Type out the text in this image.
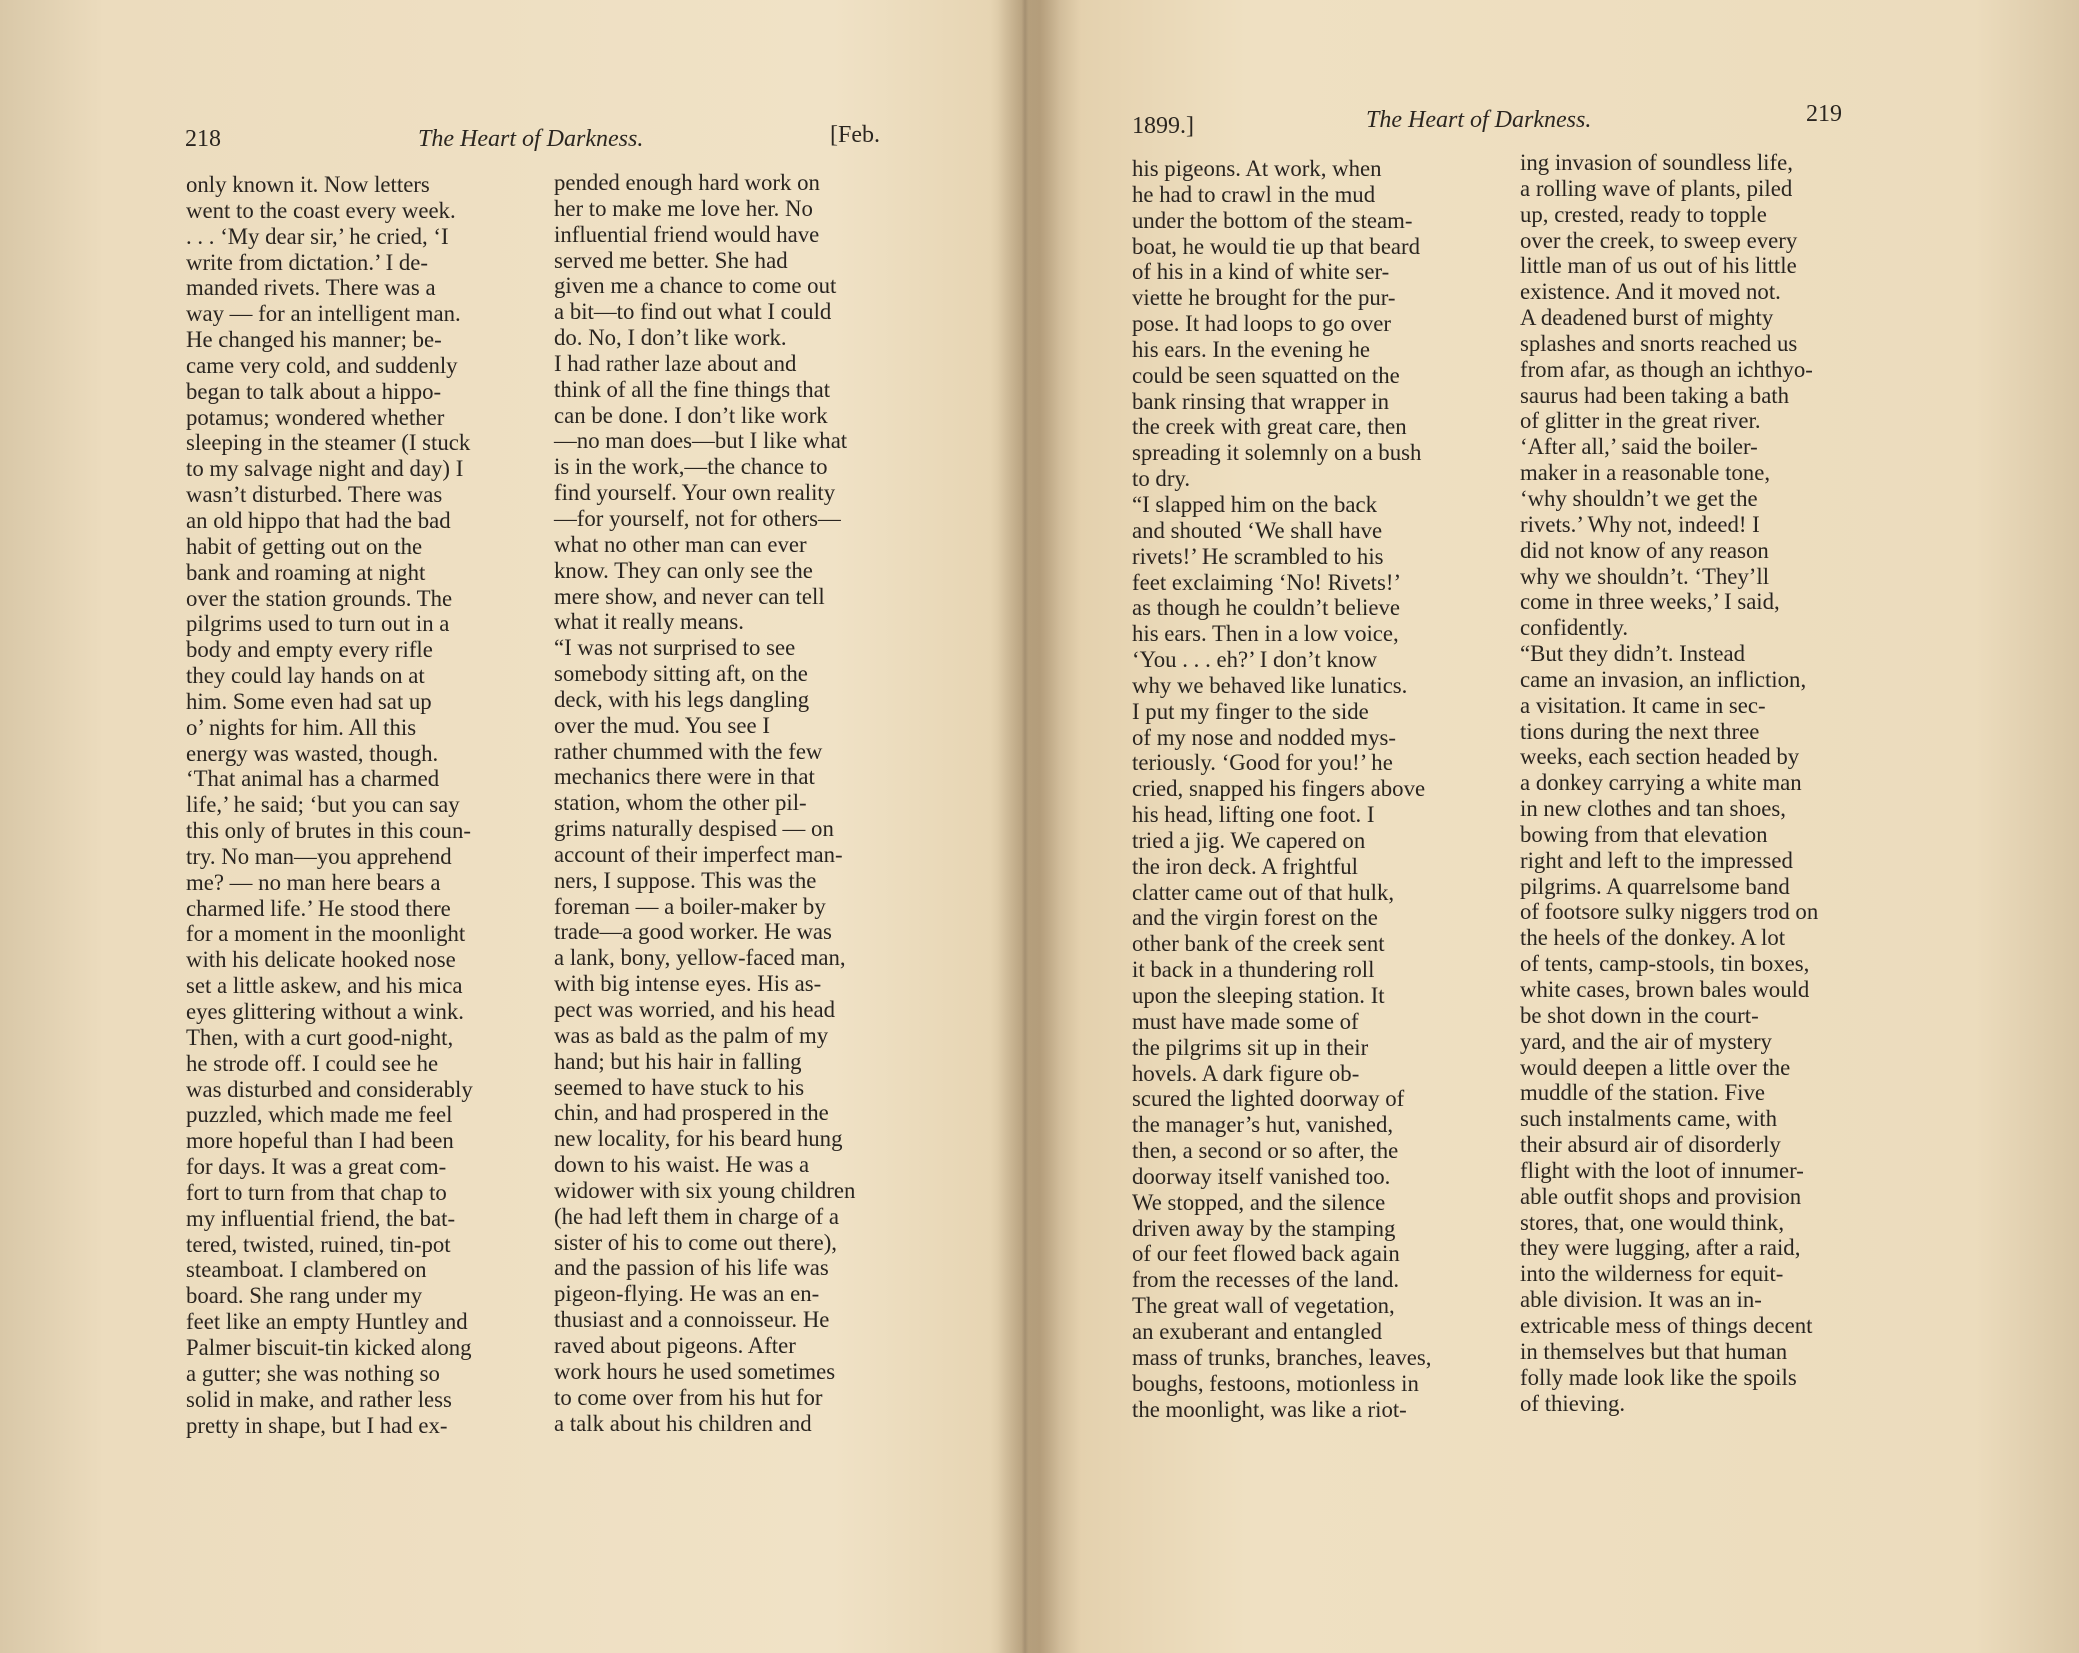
218	The Heart of Darkness.	[Feb.

only known it. Now letters
went to the coast every week.
. . . ‘My dear sir,’ he cried, ‘I
write from dictation.’ I de-
manded rivets. There was a
way — for an intelligent man.
He changed his manner; be-
came very cold, and suddenly
began to talk about a hippo-
potamus; wondered whether
sleeping in the steamer (I stuck
to my salvage night and day) I
wasn’t disturbed. There was
an old hippo that had the bad
habit of getting out on the
bank and roaming at night
over the station grounds. The
pilgrims used to turn out in a
body and empty every rifle
they could lay hands on at
him. Some even had sat up
o’ nights for him. All this
energy was wasted, though.
‘That animal has a charmed
life,’ he said; ‘but you can say
this only of brutes in this coun-
try. No man—you apprehend
me? — no man here bears a
charmed life.’ He stood there
for a moment in the moonlight
with his delicate hooked nose
set a little askew, and his mica
eyes glittering without a wink.
Then, with a curt good-night,
he strode off. I could see he
was disturbed and considerably
puzzled, which made me feel
more hopeful than I had been
for days. It was a great com-
fort to turn from that chap to
my influential friend, the bat-
tered, twisted, ruined, tin-pot
steamboat. I clambered on
board. She rang under my
feet like an empty Huntley and
Palmer biscuit-tin kicked along
a gutter; she was nothing so
solid in make, and rather less
pretty in shape, but I had ex-

pended enough hard work on
her to make me love her. No
influential friend would have
served me better. She had
given me a chance to come out
a bit—to find out what I could
do. No, I don’t like work.
I had rather laze about and
think of all the fine things that
can be done. I don’t like work
—no man does—but I like what
is in the work,—the chance to
find yourself. Your own reality
—for yourself, not for others—
what no other man can ever
know. They can only see the
mere show, and never can tell
what it really means.
“I was not surprised to see
somebody sitting aft, on the
deck, with his legs dangling
over the mud. You see I
rather chummed with the few
mechanics there were in that
station, whom the other pil-
grims naturally despised — on
account of their imperfect man-
ners, I suppose. This was the
foreman — a boiler-maker by
trade—a good worker. He was
a lank, bony, yellow-faced man,
with big intense eyes. His as-
pect was worried, and his head
was as bald as the palm of my
hand; but his hair in falling
seemed to have stuck to his
chin, and had prospered in the
new locality, for his beard hung
down to his waist. He was a
widower with six young children
(he had left them in charge of a
sister of his to come out there),
and the passion of his life was
pigeon-flying. He was an en-
thusiast and a connoisseur. He
raved about pigeons. After
work hours he used sometimes
to come over from his hut for
a talk about his children and

1899.]	The Heart of Darkness.	219

his pigeons. At work, when
he had to crawl in the mud
under the bottom of the steam-
boat, he would tie up that beard
of his in a kind of white ser-
viette he brought for the pur-
pose. It had loops to go over
his ears. In the evening he
could be seen squatted on the
bank rinsing that wrapper in
the creek with great care, then
spreading it solemnly on a bush
to dry.
“I slapped him on the back
and shouted ‘We shall have
rivets!’ He scrambled to his
feet exclaiming ‘No! Rivets!’
as though he couldn’t believe
his ears. Then in a low voice,
‘You . . . eh?’ I don’t know
why we behaved like lunatics.
I put my finger to the side
of my nose and nodded mys-
teriously. ‘Good for you!’ he
cried, snapped his fingers above
his head, lifting one foot. I
tried a jig. We capered on
the iron deck. A frightful
clatter came out of that hulk,
and the virgin forest on the
other bank of the creek sent
it back in a thundering roll
upon the sleeping station. It
must have made some of
the pilgrims sit up in their
hovels. A dark figure ob-
scured the lighted doorway of
the manager’s hut, vanished,
then, a second or so after, the
doorway itself vanished too.
We stopped, and the silence
driven away by the stamping
of our feet flowed back again
from the recesses of the land.
The great wall of vegetation,
an exuberant and entangled
mass of trunks, branches, leaves,
boughs, festoons, motionless in
the moonlight, was like a riot-

ing invasion of soundless life,
a rolling wave of plants, piled
up, crested, ready to topple
over the creek, to sweep every
little man of us out of his little
existence. And it moved not.
A deadened burst of mighty
splashes and snorts reached us
from afar, as though an ichthyo-
saurus had been taking a bath
of glitter in the great river.
‘After all,’ said the boiler-
maker in a reasonable tone,
‘why shouldn’t we get the
rivets.’ Why not, indeed! I
did not know of any reason
why we shouldn’t. ‘They’ll
come in three weeks,’ I said,
confidently.
“But they didn’t. Instead
came an invasion, an infliction,
a visitation. It came in sec-
tions during the next three
weeks, each section headed by
a donkey carrying a white man
in new clothes and tan shoes,
bowing from that elevation
right and left to the impressed
pilgrims. A quarrelsome band
of footsore sulky niggers trod on
the heels of the donkey. A lot
of tents, camp-stools, tin boxes,
white cases, brown bales would
be shot down in the court-
yard, and the air of mystery
would deepen a little over the
muddle of the station. Five
such instalments came, with
their absurd air of disorderly
flight with the loot of innumer-
able outfit shops and provision
stores, that, one would think,
they were lugging, after a raid,
into the wilderness for equit-
able division. It was an in-
extricable mess of things decent
in themselves but that human
folly made look like the spoils
of thieving.
